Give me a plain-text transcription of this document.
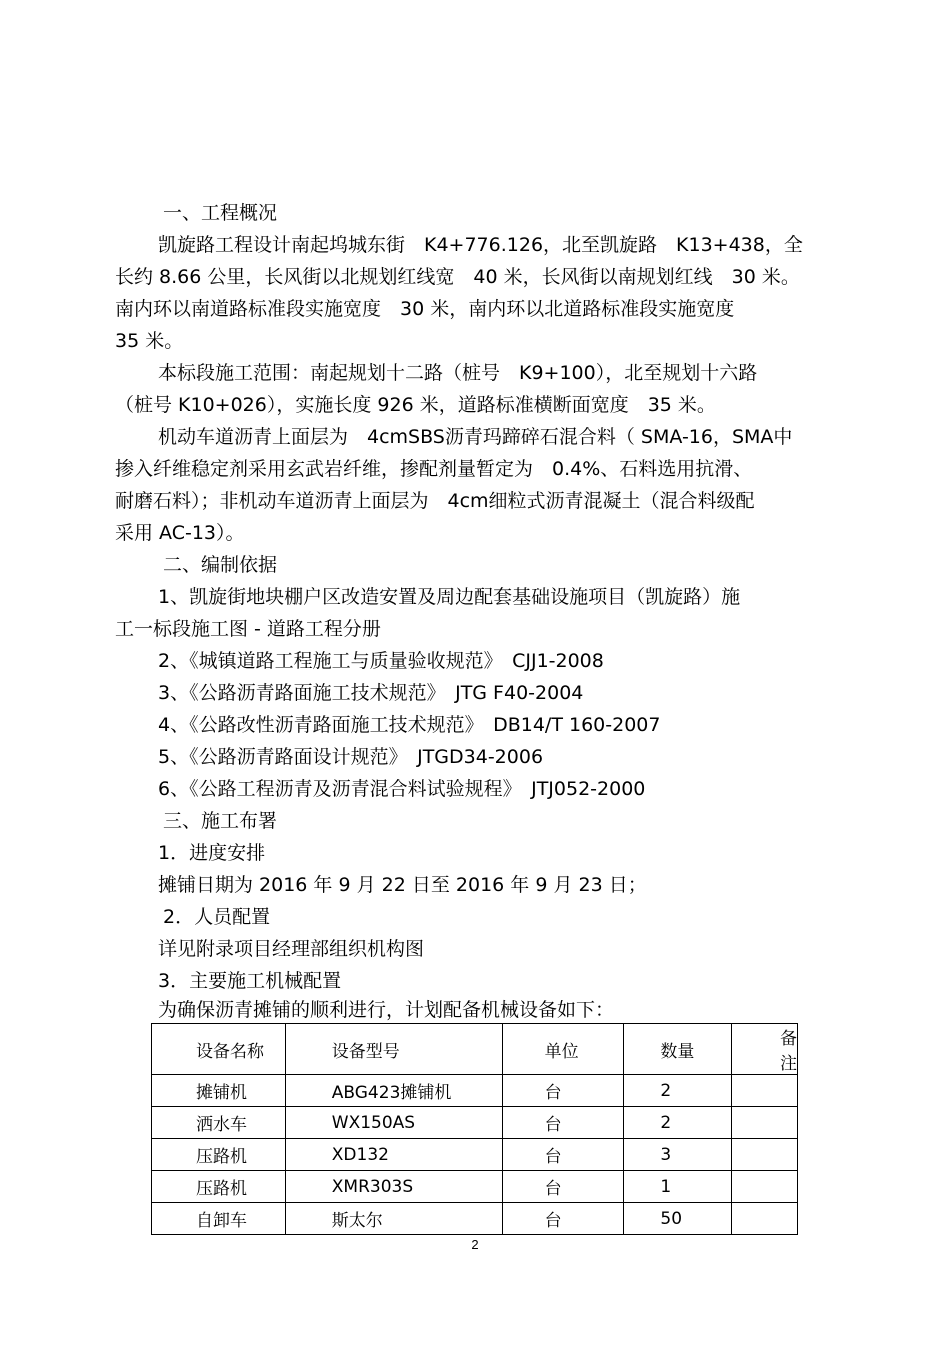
一、工程概况
凯旋路工程设计南起坞城东街　K4+776.126，北至凯旋路　K13+438，全
长约 8.66 公里，长风街以北规划红线宽　40 米，长风街以南规划红线　30 米。
南内环以南道路标准段实施宽度　30 米，南内环以北道路标准段实施宽度
35 米。
本标段施工范围：南起规划十二路（桩号　K9+100），北至规划十六路
（桩号 K10+026），实施长度 926 米，道路标准横断面宽度　35 米。
机动车道沥青上面层为　4cmSBS沥青玛蹄碎石混合料（ SMA-16，SMA中
掺入纤维稳定剂采用玄武岩纤维，掺配剂量暂定为　0.4%、石料选用抗滑、
耐磨石料）；非机动车道沥青上面层为　4cm细粒式沥青混凝土（混合料级配
采用 AC-13）。
二、编制依据
1、凯旋街地块棚户区改造安置及周边配套基础设施项目（凯旋路）施
工一标段施工图 - 道路工程分册
2、《城镇道路工程施工与质量验收规范》　CJJ1-2008
3、《公路沥青路面施工技术规范》　JTG F40-2004
4、《公路改性沥青路面施工技术规范》　DB14/T 160-2007
5、《公路沥青路面设计规范》　JTGD34-2006
6、《公路工程沥青及沥青混合料试验规程》　JTJ052-2000
三、施工布署
1．进度安排
摊铺日期为 2016 年 9 月 22 日至 2016 年 9 月 23 日；
2．人员配置
详见附录项目经理部组织机构图
3．主要施工机械配置
为确保沥青摊铺的顺利进行，计划配备机械设备如下：
设备名称	设备型号	单位	数量	备注
摊铺机	ABG423摊铺机	台	2	
洒水车	WX150AS	台	2	
压路机	XD132	台	3	
压路机	XMR303S	台	1	
自卸车	斯太尔	台	50	
2
